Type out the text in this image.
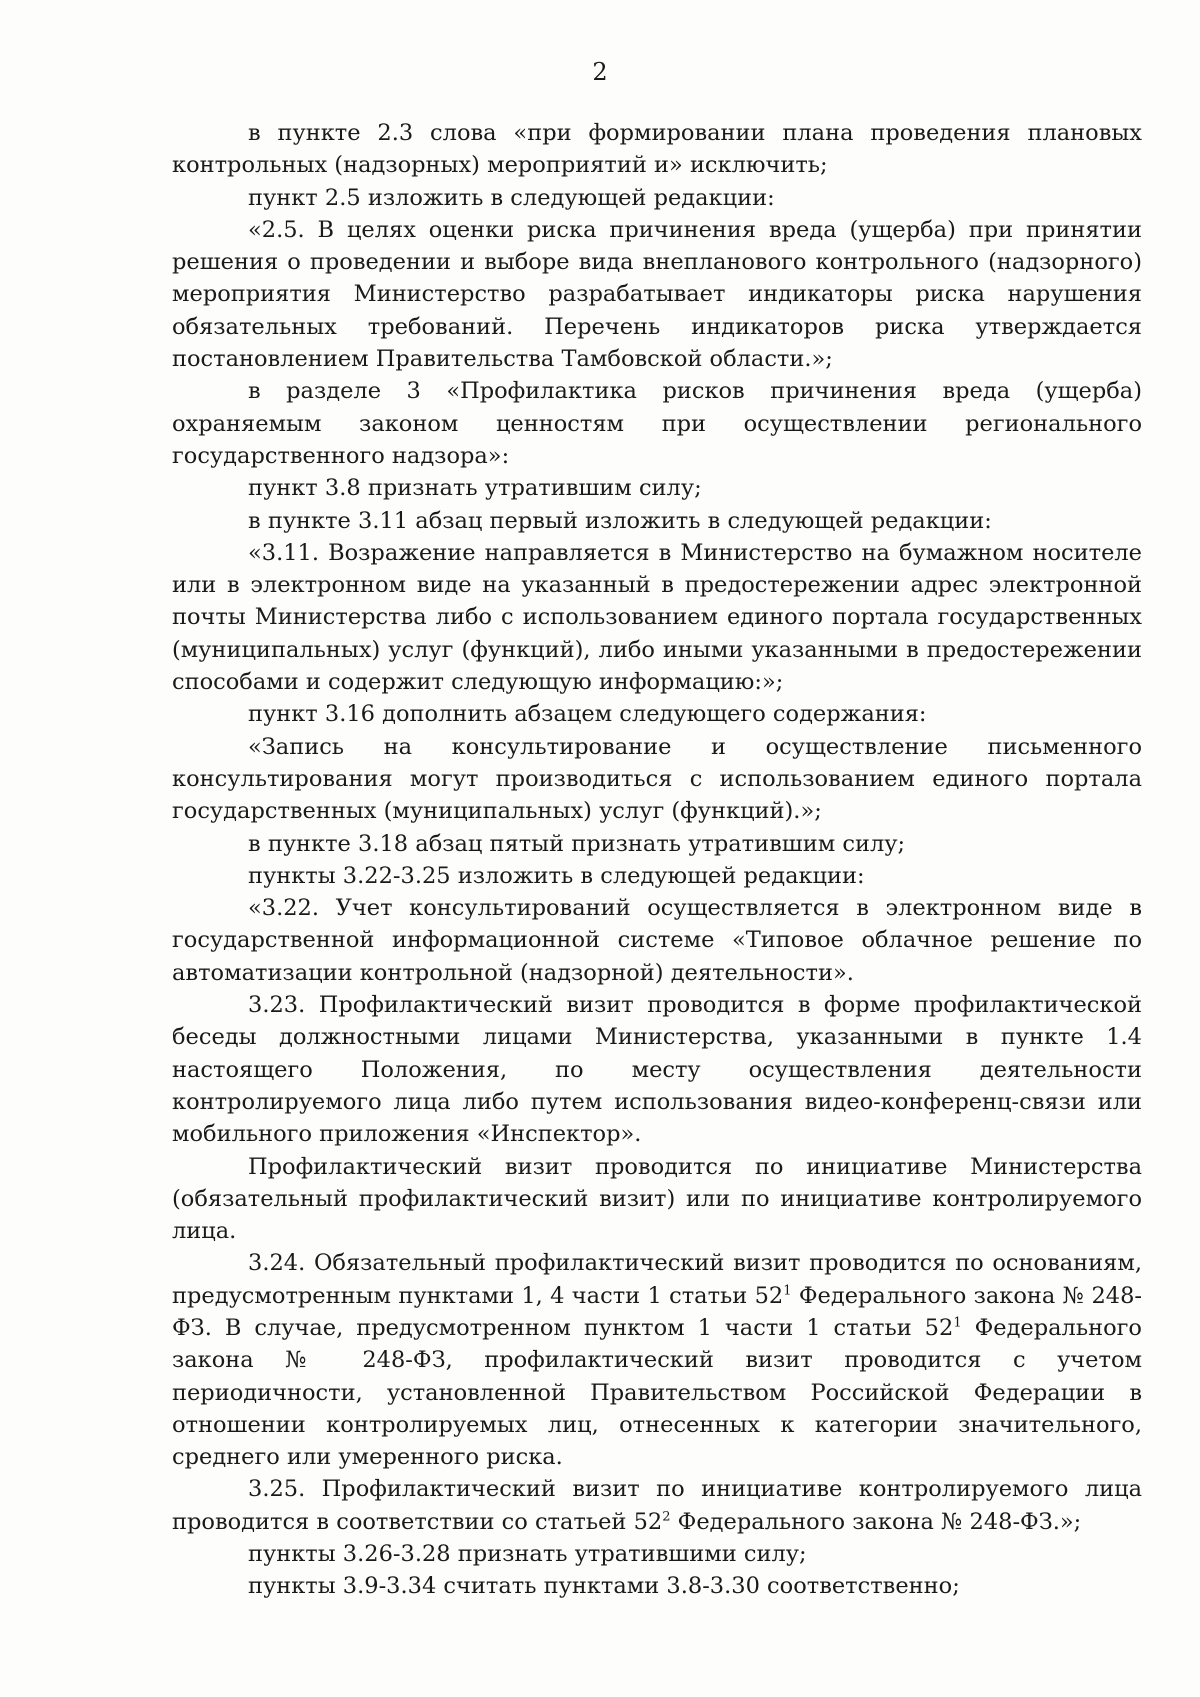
2

в пункте 2.3 слова «при формировании плана проведения плановых контрольных (надзорных) мероприятий и» исключить;

пункт 2.5 изложить в следующей редакции:

«2.5. В целях оценки риска причинения вреда (ущерба) при принятии решения о проведении и выборе вида внепланового контрольного (надзорного) мероприятия Министерство разрабатывает индикаторы риска нарушения обязательных требований. Перечень индикаторов риска утверждается постановлением Правительства Тамбовской области.»;

в разделе 3 «Профилактика рисков причинения вреда (ущерба) охраняемым законом ценностям при осуществлении регионального государственного надзора»:

пункт 3.8 признать утратившим силу;

в пункте 3.11 абзац первый изложить в следующей редакции:

«3.11. Возражение направляется в Министерство на бумажном носителе или в электронном виде на указанный в предостережении адрес электронной почты Министерства либо с использованием единого портала государственных (муниципальных) услуг (функций), либо иными указанными в предостережении способами и содержит следующую информацию:»;

пункт 3.16 дополнить абзацем следующего содержания:

«Запись на консультирование и осуществление письменного консультирования могут производиться с использованием единого портала государственных (муниципальных) услуг (функций).»;

в пункте 3.18 абзац пятый признать утратившим силу;

пункты 3.22-3.25 изложить в следующей редакции:

«3.22. Учет консультирований осуществляется в электронном виде в государственной информационной системе «Типовое облачное решение по автоматизации контрольной (надзорной) деятельности».

3.23. Профилактический визит проводится в форме профилактической беседы должностными лицами Министерства, указанными в пункте 1.4 настоящего Положения, по месту осуществления деятельности контролируемого лица либо путем использования видео-конференц-связи или мобильного приложения «Инспектор».

Профилактический визит проводится по инициативе Министерства (обязательный профилактический визит) или по инициативе контролируемого лица.

3.24. Обязательный профилактический визит проводится по основаниям, предусмотренным пунктами 1, 4 части 1 статьи $52^1$ Федерального закона № 248-ФЗ. В случае, предусмотренном пунктом 1 части 1 статьи $52^1$ Федерального закона № 248-ФЗ, профилактический визит проводится с учетом периодичности, установленной Правительством Российской Федерации в отношении контролируемых лиц, отнесенных к категории значительного, среднего или умеренного риска.

3.25. Профилактический визит по инициативе контролируемого лица проводится в соответствии со статьей $52^2$ Федерального закона № 248-ФЗ.»;

пункты 3.26-3.28 признать утратившими силу;

пункты 3.9-3.34 считать пунктами 3.8-3.30 соответственно;
